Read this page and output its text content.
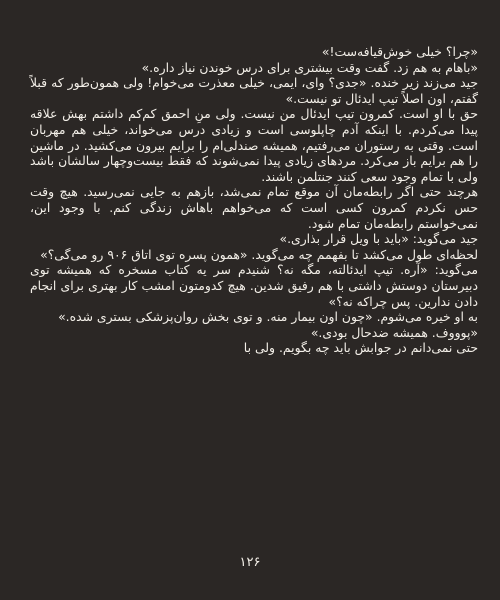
«چرا؟ خیلی خوش‌قیافه‌ست!»

«باهام به هم زد. گفت وقت بیشتری برای درس خوندن نیاز داره.»

جید می‌زند زیر خنده. «جدی؟ وای، ایمی، خیلی معذرت می‌خوام! ولی همون‌طور که قبلاً گفتم، اون اصلاً تیپ ایدئال تو نیست.»

حق با او است. کمرون تیپ ایدئال من نیست. ولی منِ احمق کم‌کم داشتم بهش علاقه پیدا می‌کردم. با اینکه آدم چاپلوسی است و زیادی درس می‌خواند، خیلی هم مهربان است. وقتی به رستوران می‌رفتیم، همیشه صندلی‌ام را برایم بیرون می‌کشید. در ماشین را هم برایم باز می‌کرد. مردهای زیادی پیدا نمی‌شوند که فقط بیست‌وچهار سالشان باشد ولی با تمام وجود سعی کنند جنتلمن باشند.

هرچند حتی اگر رابطه‌مان آن موقع تمام نمی‌شد، بازهم به جایی نمی‌رسید. هیچ وقت حس نکردم کمرون کسی است که می‌خواهم باهاش زندگی کنم. با وجود این، نمی‌خواستم رابطه‌مان تمام شود.

جید می‌گوید: «باید با ویل قرار بذاری.»

لحظه‌ای طول می‌کشد تا بفهمم چه می‌گوید. «همون پسره توی اتاق ۹۰۶ رو می‌گی؟»

می‌گوید: «آره. تیپ ایدئالته، مگه نه؟ شنیدم سر یه کتاب مسخره که همیشه توی دبیرستان دوستش داشتی با هم رفیق شدین. هیچ کدومتون امشب کار بهتری برای انجام دادن ندارین. پس چراکه نه؟»

به او خیره می‌شوم. «چون اون بیمار منه. و توی بخش روان‌پزشکی بستری شده.»

«پوووف. همیشه ضدحال بودی.»

حتی نمی‌دانم در جوابش باید چه بگویم. ولی با

۱۲۶
